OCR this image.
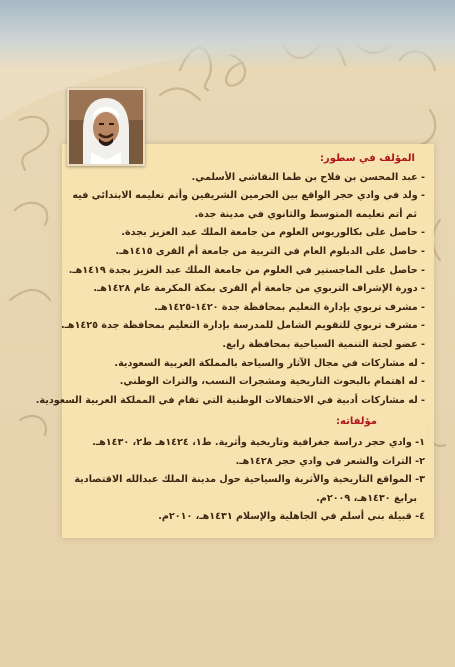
المؤلف في سطور:
- عبد المحسن بن فلاح بن طما النقاشي الأسلمي.
- ولد في وادي حجر الواقع بين الحرمين الشريفين وأتم تعليمه الابتدائي فيه
ثم أتم تعليمه المتوسط والثانوي في مدينة جدة.
- حاصل على بكالوريوس العلوم من جامعة الملك عبد العزيز بجدة.
- حاصل على الدبلوم العام في التربية من جامعة أم القرى ١٤١٥هـ.
- حاصل على الماجستير في العلوم من جامعة الملك عبد العزيز بجدة ١٤١٩هـ.
- دورة الإشراف التربوي من جامعة أم القرى بمكة المكرمة عام ١٤٢٨هـ.
- مشرف تربوي بإدارة التعليم بمحافظة جدة ١٤٢٠-١٤٢٥هـ.
- مشرف تربوي للتقويم الشامل للمدرسة بإدارة التعليم بمحافظة جدة ١٤٢٥هـ.
- عضو لجنة التنمية السياحية بمحافظة رابغ.
- له مشاركات في مجال الآثار والسياحة بالمملكة العربية السعودية.
- له اهتمام بالبحوث التاريخية ومشجرات النسب، والتراث الوطني.
- له مشاركات أدبية في الاحتفالات الوطنية التي تقام في المملكة العربية السعودية.
مؤلفاته:
١- وادي حجر دراسة جغرافية وتاريخية وأثرية. ط١، ١٤٢٤هـ ط٢، ١٤٣٠هـ.
٢- التراث والشعر في وادي حجر ١٤٢٨هـ.
٣- المواقع التاريخية والأثرية والسياحية حول مدينة الملك عبدالله الاقتصادية
برابغ ١٤٣٠هـ، ٢٠٠٩م.
٤- قبيلة بني أسلم في الجاهلية والإسلام ١٤٣١هـ، ٢٠١٠م.
